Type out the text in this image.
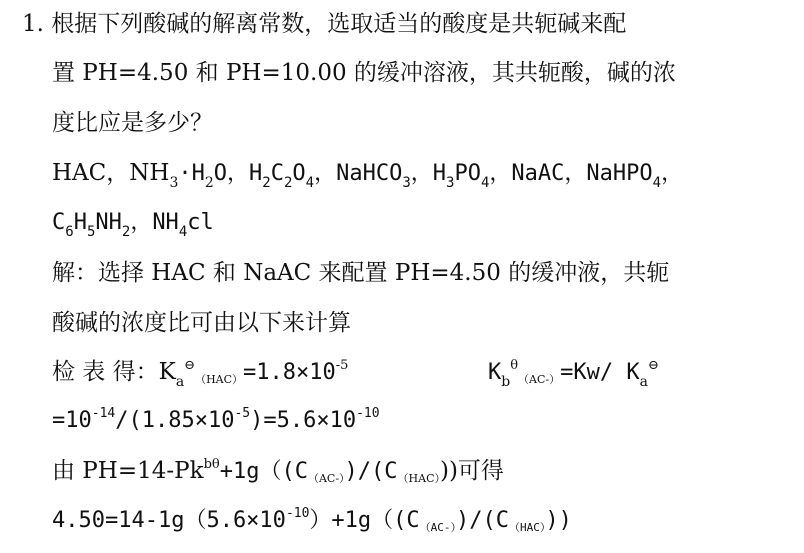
1. 根据下列酸碱的解离常数，选取适当的酸度是共轭碱来配
置 PH=4.50 和 PH=10.00 的缓冲溶液，其共轭酸，碱的浓
度比应是多少？
HAC，$NH_3\cdot H_2O$，$H_2C_2O_4$，NaHCO$_3$，$H_3PO_4$，NaAC，NaHPO$_4$，
$C_6H_5NH_2$，$NH_4cl$
解：选择 HAC 和 NaAC 来配置 PH=4.50 的缓冲液，共轭
酸碱的浓度比可由以下来计算
检 表 得：$K_a^⊖(HAC)=1.8\times 10^{-5}$	$K_b^\theta(AC-)=Kw/$ $K_a^⊖$
$=10^{-14}/(1.85\times 10^{-5})=5.6\times 10^{-10}$
由 $PH=14-Pk^{b\theta}+1g((C(AC-))/(C(HAC)))$可得
$4.50=14-1g(5.6\times 10^{-10})+1g((C(AC-))/(C(HAC)))$
